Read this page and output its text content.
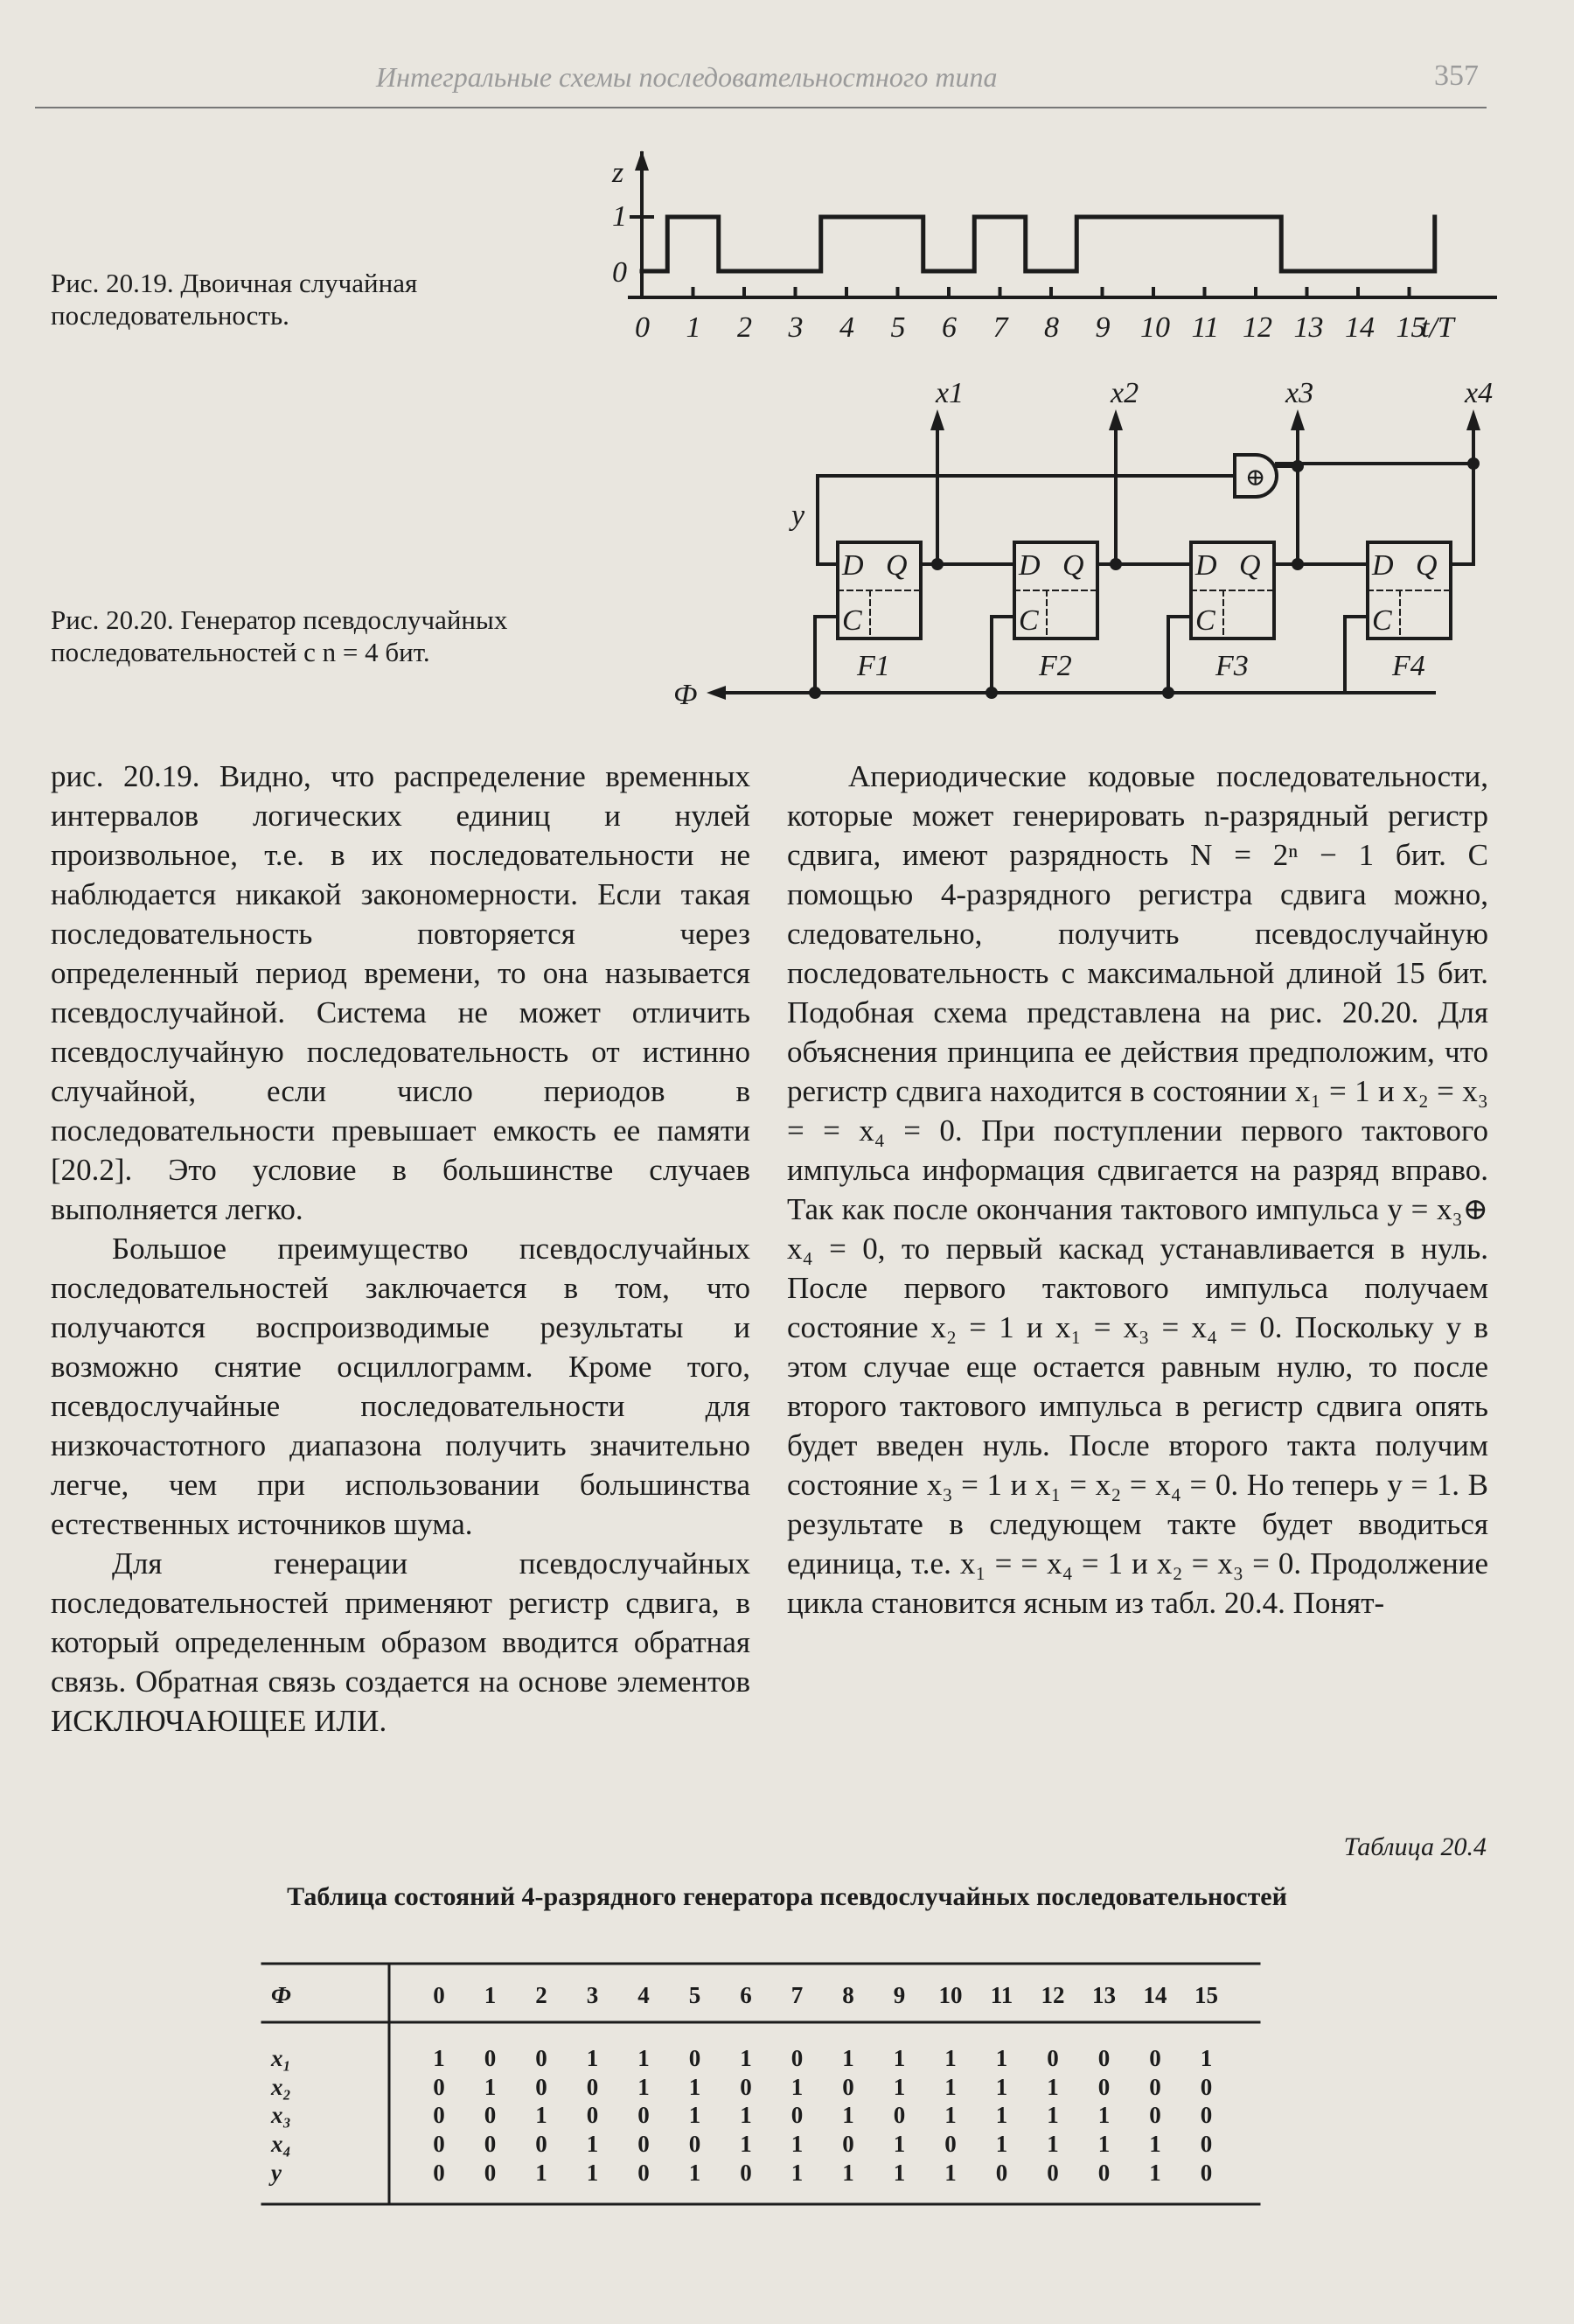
Интегральные схемы последовательностного типа	357
Рис. 20.19. Двоичная случайная последовательность.
Рис. 20.20. Генератор псевдослучайных последовательностей с n = 4 бит.
z
1
0
t/T
0 1 2 3 4 5 6 7 8 9 10 11 12 13 14 15
x1	x2	x3	x4
⊕
y
Ф
D Q
C
D Q
C
D Q
C
D Q
C
F1	F2	F3	F4
Ф	0 1 2 3 4 5 6 7 8 9 10 11 12 13 14 15
x₁	1 0 0 1 1 0 1 0 1 1 1 1 0 0 0 1
x₂	0 1 0 0 1 1 0 1 0 1 1 1 1 0 0 0
x₃	0 0 1 0 0 1 1 0 1 0 1 1 1 1 0 0
x₄	0 0 0 1 0 0 1 1 0 1 0 1 1 1 1 0
y	0 0 1 1 0 1 0 1 1 1 1 0 0 0 1 0

рис. 20.19. Видно, что распределение временных интервалов логических единиц и нулей произвольное, т.е. в их последовательности не наблюдается никакой закономерности. Если такая последовательность повторяется через определенный период времени, то она называется псевдослучайной. Система не может отличить псевдослучайную последовательность от истинно случайной, если число периодов в последовательности превышает емкость ее памяти [20.2]. Это условие в большинстве случаев выполняется легко.

Большое преимущество псевдослучайных последовательностей заключается в том, что получаются воспроизводимые результаты и возможно снятие осциллограмм. Кроме того, псевдослучайные последовательности для низкочастотного диапазона получить значительно легче, чем при использовании большинства естественных источников шума.

Для генерации псевдослучайных последовательностей применяют регистр сдвига, в который определенным образом вводится обратная связь. Обратная связь создается на основе элементов ИСКЛЮЧАЮЩЕЕ ИЛИ.

Апериодические кодовые последовательности, которые может генерировать n-разрядный регистр сдвига, имеют разрядность N = 2ⁿ − 1 бит. С помощью 4-разрядного регистра сдвига можно, следовательно, получить псевдослучайную последовательность с максимальной длиной 15 бит. Подобная схема представлена на рис. 20.20. Для объяснения принципа ее действия предположим, что регистр сдвига находится в состоянии x₁ = 1 и x₂ = x₃ = = x₄ = 0. При поступлении первого тактового импульса информация сдвигается на разряд вправо. Так как после окончания тактового импульса y = x₃⊕ x₄ = 0, то первый каскад устанавливается в нуль. После первого тактового импульса получаем состояние x₂ = 1 и x₁ = x₃ = x₄ = 0. Поскольку y в этом случае еще остается равным нулю, то после второго тактового импульса в регистр сдвига опять будет введен нуль. После второго такта получим состояние x₃ = 1 и x₁ = x₂ = x₄ = 0. Но теперь y = 1. В результате в следующем такте будет вводиться единица, т.е. x₁ = = x₄ = 1 и x₂ = x₃ = 0. Продолжение цикла становится ясным из табл. 20.4. Понят-

Таблица 20.4
Таблица состояний 4-разрядного генератора псевдослучайных последовательностей
